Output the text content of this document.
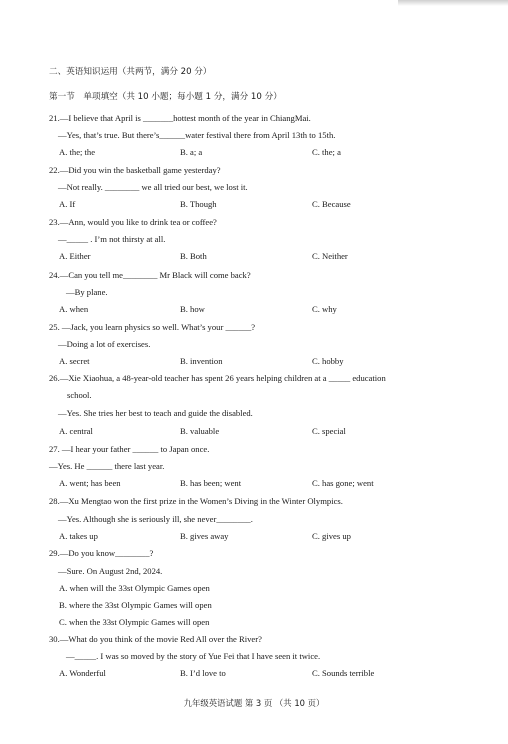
二、英语知识运用（共两节，满分 20 分）
第一节　单项填空（共 10 小题；每小题 1 分，满分 10 分）
21.—I believe that April is _______hottest month of the year in ChiangMai.
—Yes, that’s true. But there’s______water festival there from April 13th to 15th.
A. the; the	B. a; a	C. the; a
22.—Did you win the basketball game yesterday?
—Not really. ________ we all tried our best, we lost it.
A. If	B. Though	C. Because
23.—Ann, would you like to drink tea or coffee?
—_____ . I’m not thirsty at all.
A. Either	B. Both	C. Neither
24.—Can you tell me________ Mr Black will come back?
—By plane.
A. when	B. how	C. why
25. —Jack, you learn physics so well. What’s your ______?
—Doing a lot of exercises.
A. secret	B. invention	C. hobby
26.—Xie Xiaohua, a 48-year-old teacher has spent 26 years helping children at a _____ education
school.
—Yes. She tries her best to teach and guide the disabled.
A. central	B. valuable	C. special
27. —I hear your father ______ to Japan once.
—Yes. He ______ there last year.
A. went; has been	B. has been; went	C. has gone; went
28.—Xu Mengtao won the first prize in the Women’s Diving in the Winter Olympics.
—Yes. Although she is seriously ill, she never________.
A. takes up	B. gives away	C. gives up
29.—Do you know________?
—Sure. On August 2nd, 2024.
A. when will the 33st Olympic Games open
B. where the 33st Olympic Games will open
C. when the 33st Olympic Games will open
30.—What do you think of the movie Red All over the River?
—_____. I was so moved by the story of Yue Fei that I have seen it twice.
A. Wonderful	B. I’d love to	C. Sounds terrible
九年级英语试题 第 3 页 （共 10 页）
